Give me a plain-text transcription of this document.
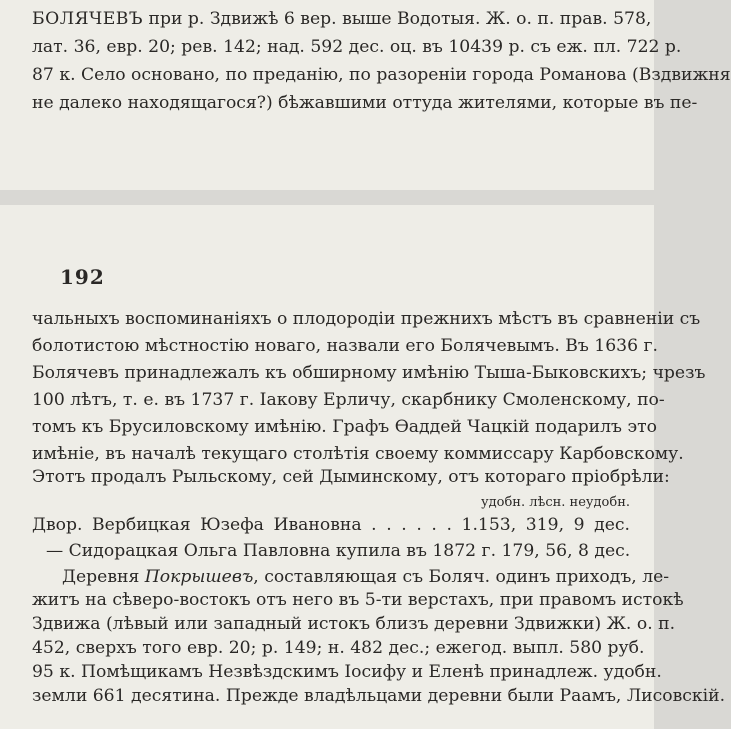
БОЛЯЧЕВЪ при р. Здвижѣ 6 вер. выше Водотыя. Ж. о. п. прав. 578,
лат. 36, евр. 20; рев. 142; над. 592 дес. оц. въ 10439 р. съ еж. пл. 722 р.
87 к. Село основано, по преданію, по разореніи города Романова (Вздвижня
не далеко находящагося?) бѣжавшими оттуда жителями, которые въ пе-
192
чальныхъ воспоминаніяхъ о плодородіи прежнихъ мѣстъ въ сравненіи съ
болотистою мѣстностію новаго, назвали его Болячевымъ. Въ 1636 г.
Болячевъ принадлежалъ къ обширному имѣнію Тыша-Быковскихъ; чрезъ
100 лѣтъ, т. е. въ 1737 г. Іакову Ерличу, скарбнику Смоленскому, по-
томъ къ Брусиловскому имѣнію. Графъ Ѳаддей Чацкій подарилъ это
имѣніе, въ началѣ текущаго столѣтія своему коммиссару Карбовскому.
Этотъ продалъ Рыльскому, сей Дыминскому, отъ котораго пріобрѣли:
удобн. лѣсн. неудобн.
Двор. Вербицкая Юзефа Ивановна . . . . . . 1.153, 319, 9 дес.
— Сидорацкая Ольга Павловна купила въ 1872 г. 179, 56, 8 дес.
Деревня Покрышевъ, составляющая съ Боляч. одинъ приходъ, ле-
житъ на сѣверо-востокъ отъ него въ 5-ти верстахъ, при правомъ истокѣ
Здвижа (лѣвый или западный истокъ близъ деревни Здвижки) Ж. о. п.
452, сверхъ того евр. 20; р. 149; н. 482 дес.; ежегод. выпл. 580 руб.
95 к. Помѣщикамъ Незвѣздскимъ Іосифу и Еленѣ принадлеж. удобн.
земли 661 десятина. Прежде владѣльцами деревни были Раамъ, Лисовскій.
